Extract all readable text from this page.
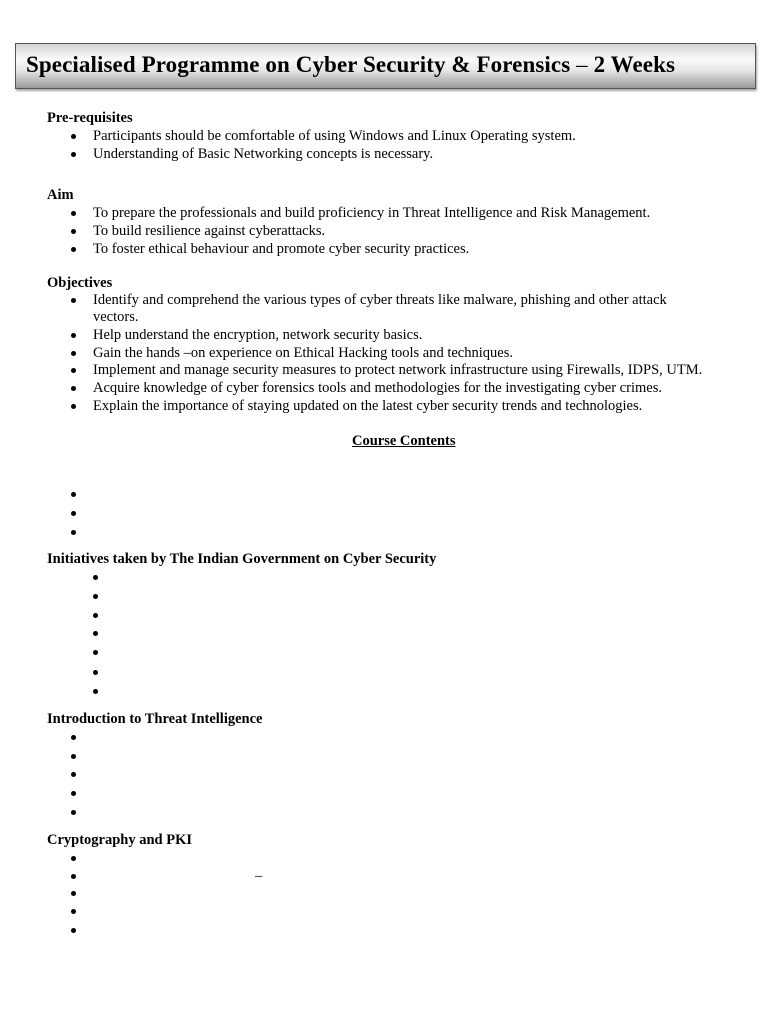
Specialised Programme on Cyber Security & Forensics – 2 Weeks
Pre-requisites
Participants should be comfortable of using Windows and Linux Operating system.
Understanding of Basic Networking concepts is necessary.
Aim
To prepare the professionals and build proficiency in Threat Intelligence and Risk Management.
To build resilience against cyberattacks.
To foster ethical behaviour and promote cyber security practices.
Objectives
Identify and comprehend the various types of cyber threats like malware, phishing and other attack
vectors.
Help understand the encryption, network security basics.
Gain the hands –on experience on Ethical Hacking tools and techniques.
Implement and manage security measures to protect network infrastructure using Firewalls, IDPS, UTM.
Acquire knowledge of cyber forensics tools and methodologies for the investigating cyber crimes.
Explain the importance of staying updated on the latest cyber security trends and technologies.
Course Contents
Initiatives taken by The Indian Government on Cyber Security
Introduction to Threat Intelligence
Cryptography and PKI
–
